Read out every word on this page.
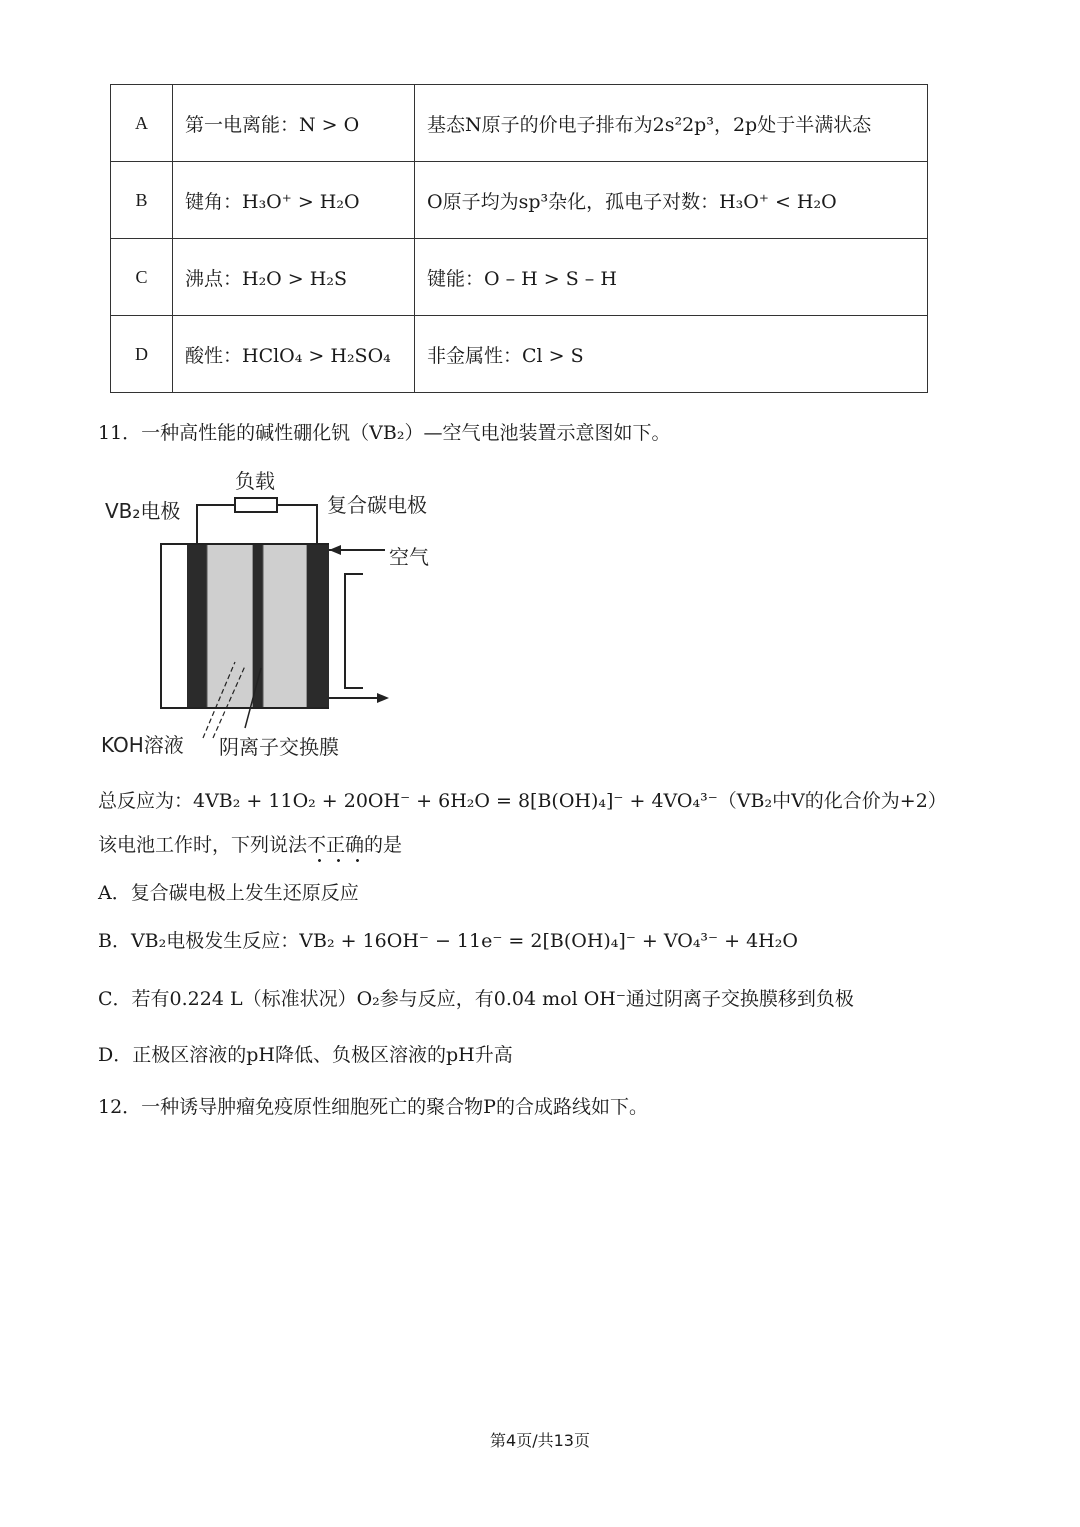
A	第一电离能：N > O	基态N原子的价电子排布为2s²2p³，2p处于半满状态
B	键角：H₃O⁺ > H₂O	O原子均为sp³杂化，孤电子对数：H₃O⁺ < H₂O
C	沸点：H₂O > H₂S	键能：O – H > S – H
D	酸性：HClO₄ > H₂SO₄	非金属性：Cl > S
11．一种高性能的碱性硼化钒（VB₂）—空气电池装置示意图如下。
负载
VB₂电极	复合碳电极
空气
KOH溶液 阴离子交换膜
总反应为：4VB₂ + 11O₂ + 20OH⁻ + 6H₂O = 8[B(OH)₄]⁻ + 4VO₄³⁻（VB₂中V的化合价为+2）
该电池工作时，下列说法不正确的是
A．复合碳电极上发生还原反应
B．VB₂电极发生反应：VB₂ + 16OH⁻ − 11e⁻ = 2[B(OH)₄]⁻ + VO₄³⁻ + 4H₂O
C．若有0.224 L（标准状况）O₂参与反应，有0.04 mol OH⁻通过阴离子交换膜移到负极
D．正极区溶液的pH降低、负极区溶液的pH升高
12．一种诱导肿瘤免疫原性细胞死亡的聚合物P的合成路线如下。
第4页/共13页
